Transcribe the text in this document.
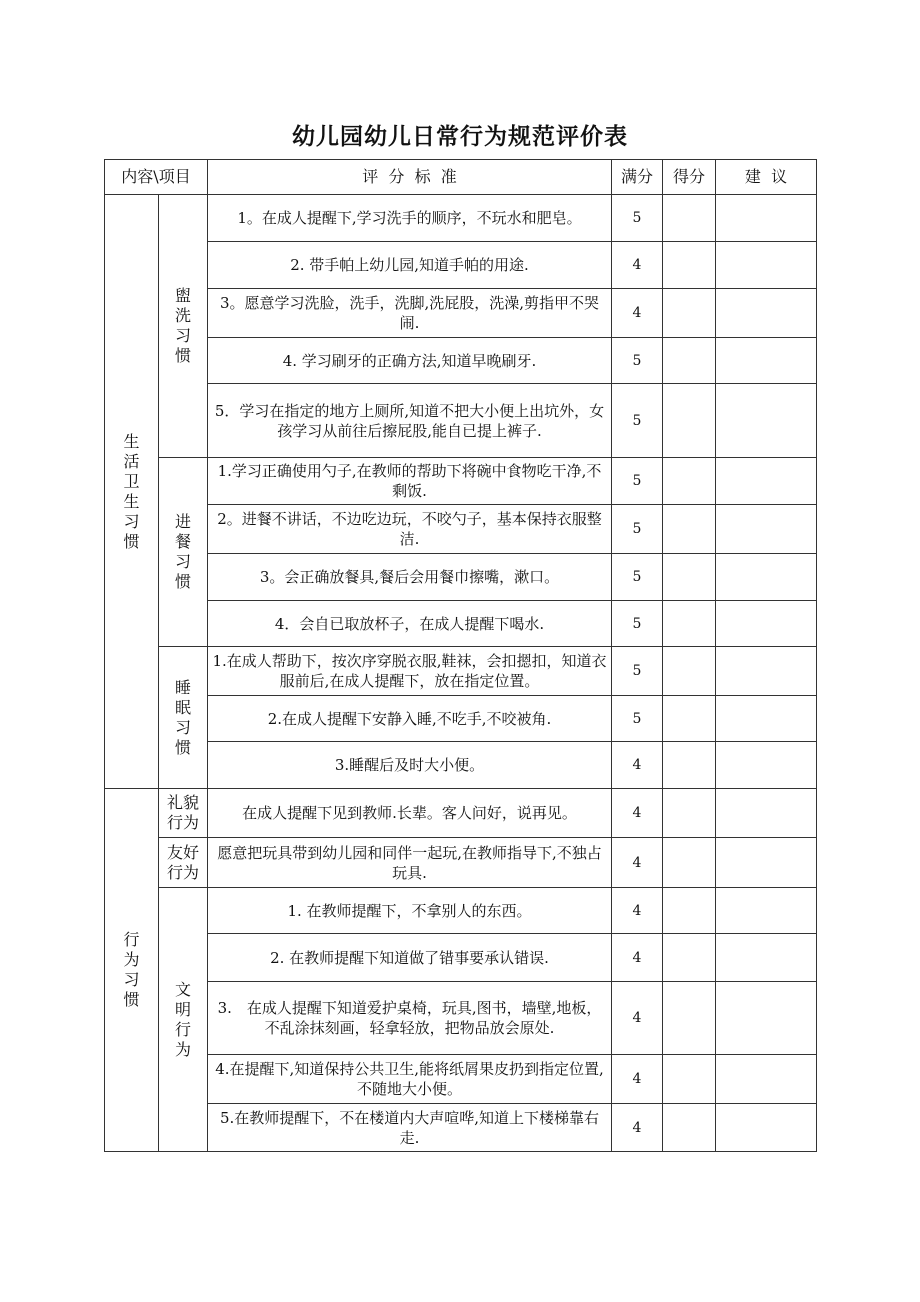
幼儿园幼儿日常行为规范评价表
内容\项目		评  分  标  准	满分	得分	建  议
生活卫生习惯	盥洗习惯	1。在成人提醒下,学习洗手的顺序，不玩水和肥皂。	5		
		2. 带手帕上幼儿园,知道手帕的用途.	4		
		3。愿意学习洗脸，洗手，洗脚,洗屁股，洗澡,剪指甲不哭闹.	4		
		4. 学习刷牙的正确方法,知道早晚刷牙.	5		
		5．学习在指定的地方上厕所,知道不把大小便上出坑外，女孩学习从前往后擦屁股,能自已提上裤子.	5		
	进餐习惯	1.学习正确使用勺子,在教师的帮助下将碗中食物吃干净,不剩饭.	5		
		2。进餐不讲话，不边吃边玩，不咬勺子，基本保持衣服整洁.	5		
		3。会正确放餐具,餐后会用餐巾擦嘴，漱口。	5		
		4．会自已取放杯子，在成人提醒下喝水.	5		
	睡眠习惯	1.在成人帮助下，按次序穿脱衣服,鞋袜，会扣摁扣，知道衣服前后,在成人提醒下，放在指定位置。	5		
		2.在成人提醒下安静入睡,不吃手,不咬被角.	5		
		3.睡醒后及时大小便。	4		
行为习惯	礼貌行为	在成人提醒下见到教师.长辈。客人问好，说再见。	4		
	友好行为	愿意把玩具带到幼儿园和同伴一起玩,在教师指导下,不独占玩具.	4		
	文明行为	1. 在教师提醒下，不拿别人的东西。	4		
		2. 在教师提醒下知道做了错事要承认错误.	4		
		3.　在成人提醒下知道爱护桌椅，玩具,图书，墙壁,地板，不乱涂抹刻画，轻拿轻放，把物品放会原处.	4		
		4.在提醒下,知道保持公共卫生,能将纸屑果皮扔到指定位置,不随地大小便。	4		
		5.在教师提醒下，不在楼道内大声喧哗,知道上下楼梯靠右走.	4		
